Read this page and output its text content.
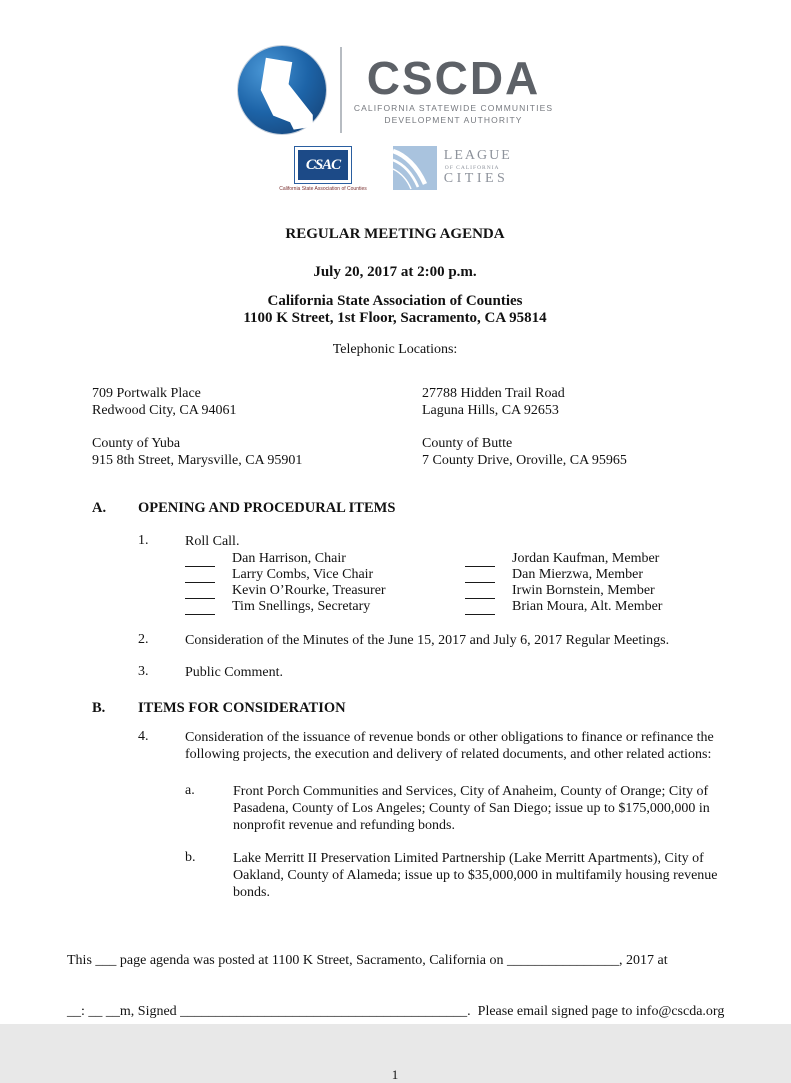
CSCDA
CALIFORNIA STATEWIDE COMMUNITIES
DEVELOPMENT AUTHORITY
CSAC
California State Association of Counties
LEAGUE
OF CALIFORNIA
CITIES
REGULAR MEETING AGENDA
July 20, 2017 at 2:00 p.m.
California State Association of Counties
1100 K Street, 1st Floor, Sacramento, CA 95814
Telephonic Locations:
709 Portwalk Place
Redwood City, CA 94061
27788 Hidden Trail Road
Laguna Hills, CA 92653
County of Yuba
915 8th Street, Marysville, CA 95901
County of Butte
7 County Drive, Oroville, CA 95965
A.	OPENING AND PROCEDURAL ITEMS
1.	Roll Call.
Dan Harrison, Chair	Jordan Kaufman, Member
Larry Combs, Vice Chair	Dan Mierzwa, Member
Kevin O’Rourke, Treasurer	Irwin Bornstein, Member
Tim Snellings, Secretary	Brian Moura, Alt. Member
2.	Consideration of the Minutes of the June 15, 2017 and July 6, 2017 Regular Meetings.
3.	Public Comment.
B.	ITEMS FOR CONSIDERATION
4.	Consideration of the issuance of revenue bonds or other obligations to finance or refinance the following projects, the execution and delivery of related documents, and other related actions:
a.	Front Porch Communities and Services, City of Anaheim, County of Orange; City of Pasadena, County of Los Angeles; County of San Diego; issue up to $175,000,000 in nonprofit revenue and refunding bonds.
b.	Lake Merritt II Preservation Limited Partnership (Lake Merritt Apartments), City of Oakland, County of Alameda; issue up to $35,000,000 in multifamily housing revenue bonds.

This ___ page agenda was posted at 1100 K Street, Sacramento, California on ________________, 2017 at

__: __ __m, Signed _________________________________________.  Please email signed page to info@cscda.org

1
